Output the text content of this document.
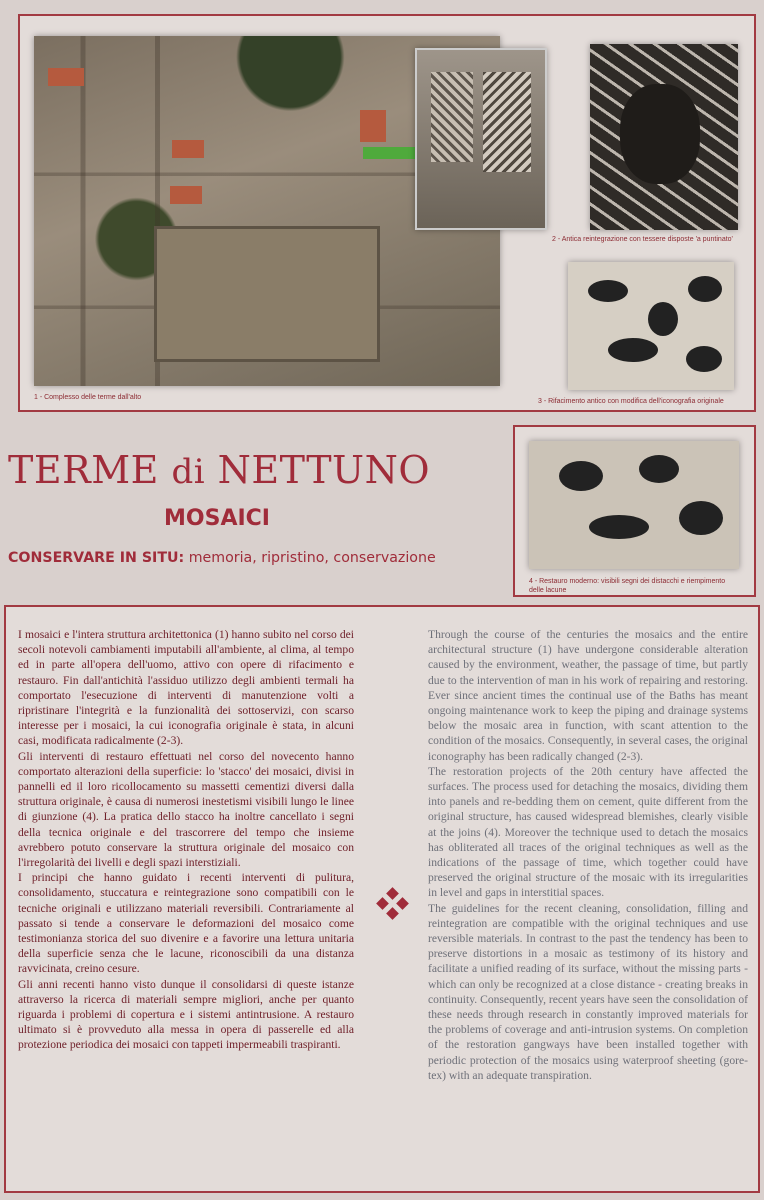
2 - Antica reintegrazione con tessere disposte 'a puntinato'
1 - Complesso delle terme dall'alto
3 - Rifacimento antico con modifica dell'iconografia originale
TERME di NETTUNO
MOSAICI
CONSERVARE IN SITU: memoria, ripristino, conservazione
4 - Restauro moderno: visibili segni dei distacchi e riempimento delle lacune

I mosaici e l'intera struttura architettonica (1) hanno subito nel corso dei secoli notevoli cambiamenti imputabili all'ambiente, al clima, al tempo ed in parte all'opera dell'uomo, attivo con opere di rifacimento e restauro. Fin dall'antichità l'assiduo utilizzo degli ambienti termali ha comportato l'esecuzione di interventi di manutenzione volti a ripristinare l'integrità e la funzionalità dei sottoservizi, con scarso interesse per i mosaici, la cui iconografia originale è stata, in alcuni casi, modificata radicalmente (2-3).

Gli interventi di restauro effettuati nel corso del novecento hanno comportato alterazioni della superficie: lo 'stacco' dei mosaici, divisi in pannelli ed il loro ricollocamento su massetti cementizi diversi dalla struttura originale, è causa di numerosi inestetismi visibili lungo le linee di giunzione (4). La pratica dello stacco ha inoltre cancellato i segni della tecnica originale e del trascorrere del tempo che insieme avrebbero potuto conservare la struttura originale del mosaico con l'irregolarità dei livelli e degli spazi interstiziali.

I principi che hanno guidato i recenti interventi di pulitura, consolidamento, stuccatura e reintegrazione sono compatibili con le tecniche originali e utilizzano materiali reversibili. Contrariamente al passato si tende a conservare le deformazioni del mosaico come testimonianza storica del suo divenire e a favorire una lettura unitaria della superficie senza che le lacune, riconoscibili da una distanza ravvicinata, creino cesure.

Gli anni recenti hanno visto dunque il consolidarsi di queste istanze attraverso la ricerca di materiali sempre migliori, anche per quanto riguarda i problemi di copertura e i sistemi antintrusione. A restauro ultimato si è provveduto alla messa in opera di passerelle ed alla protezione periodica dei mosaici con tappeti impermeabili traspiranti.

Through the course of the centuries the mosaics and the entire architectural structure (1) have undergone considerable alteration caused by the environment, weather, the passage of time, but partly due to the intervention of man in his work of repairing and restoring. Ever since ancient times the continual use of the Baths has meant ongoing maintenance work to keep the piping and drainage systems below the mosaic area in function, with scant attention to the condition of the mosaics. Consequently, in several cases, the original iconography has been radically changed (2-3).

The restoration projects of the 20th century have affected the surfaces. The process used for detaching the mosaics, dividing them into panels and re-bedding them on cement, quite different from the original structure, has caused widespread blemishes, clearly visible at the joins (4). Moreover the technique used to detach the mosaics has obliterated all traces of the original techniques as well as the indications of the passage of time, which together could have preserved the original structure of the mosaic with its irregularities in level and gaps in interstitial spaces.

The guidelines for the recent cleaning, consolidation, filling and reintegration are compatible with the original techniques and use reversible materials. In contrast to the past the tendency has been to preserve distortions in a mosaic as testimony of its history and facilitate a unified reading of its surface, without the missing parts - which can only be recognized at a close distance - creating breaks in continuity. Consequently, recent years have seen the consolidation of these needs through research in constantly improved materials for the problems of coverage and anti-intrusion systems. On completion of the restoration gangways have been installed together with periodic protection of the mosaics using waterproof sheeting (gore-tex) with an adequate transpiration.
